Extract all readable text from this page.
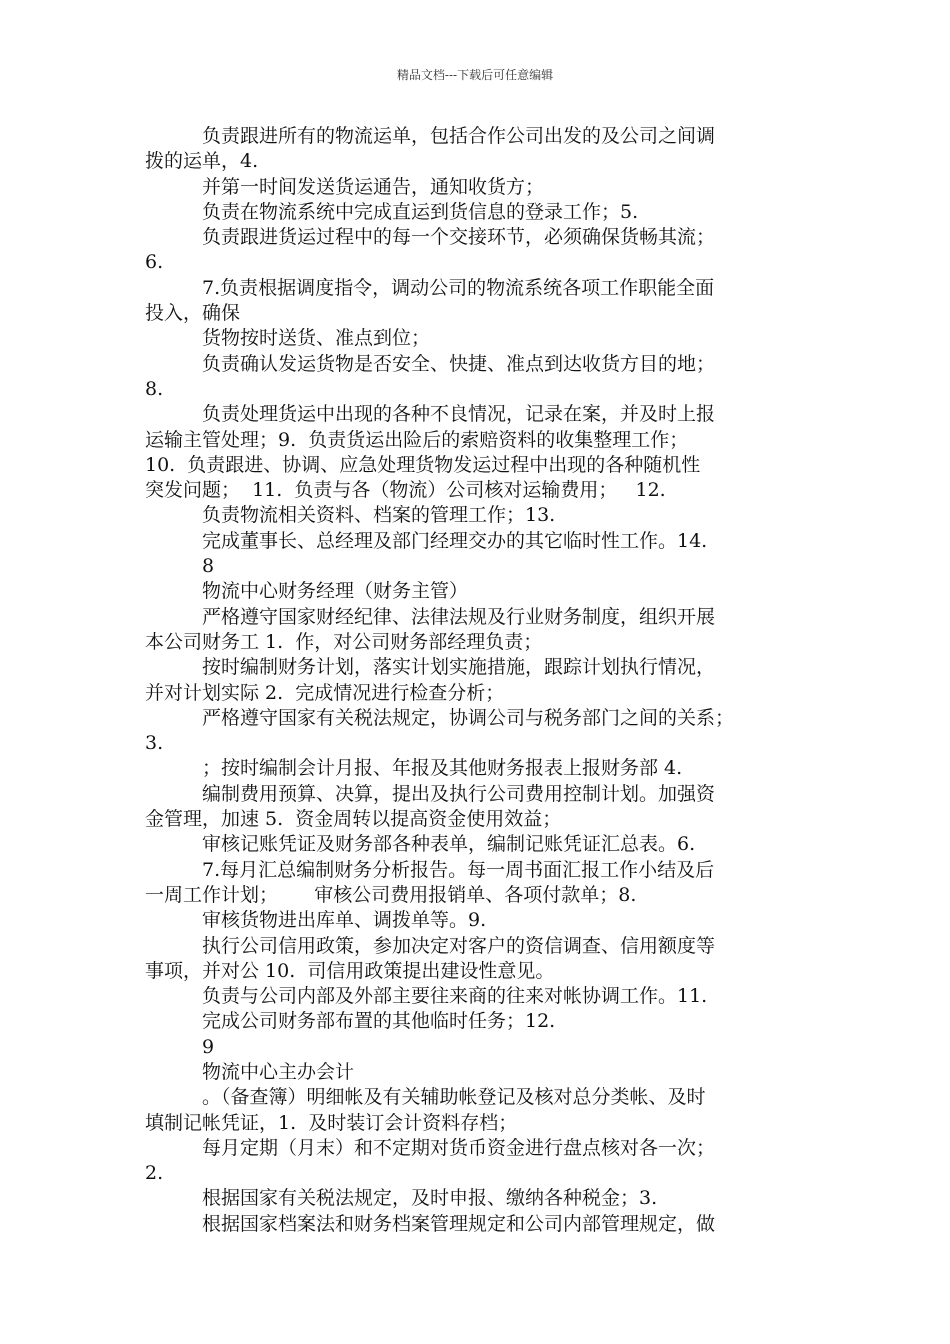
精品文档---下载后可任意编辑
负责跟进所有的物流运单，包括合作公司出发的及公司之间调
拨的运单，4.
并第一时间发送货运通告，通知收货方；
负责在物流系统中完成直运到货信息的登录工作；5.
负责跟进货运过程中的每一个交接环节，必须确保货畅其流；
6.
7.负责根据调度指令，调动公司的物流系统各项工作职能全面
投入，确保
货物按时送货、准点到位；
负责确认发运货物是否安全、快捷、准点到达收货方目的地；
8.
负责处理货运中出现的各种不良情况，记录在案，并及时上报
运输主管处理；9.  负责货运出险后的索赔资料的收集整理工作；
10.  负责跟进、协调、应急处理货物发运过程中出现的各种随机性
突发问题；  11.  负责与各（物流）公司核对运输费用；   12.
负责物流相关资料、档案的管理工作；13.
完成董事长、总经理及部门经理交办的其它临时性工作。14.
8
物流中心财务经理（财务主管）
严格遵守国家财经纪律、法律法规及行业财务制度，组织开展
本公司财务工 1.  作，对公司财务部经理负责；
按时编制财务计划，落实计划实施措施，跟踪计划执行情况，
并对计划实际 2.  完成情况进行检查分析；
严格遵守国家有关税法规定，协调公司与税务部门之间的关系；
3.
；按时编制会计月报、年报及其他财务报表上报财务部 4.
编制费用预算、决算，提出及执行公司费用控制计划。加强资
金管理，加速 5.  资金周转以提高资金使用效益；
审核记账凭证及财务部各种表单，编制记账凭证汇总表。6.
7.每月汇总编制财务分析报告。每一周书面汇报工作小结及后
一周工作计划；      审核公司费用报销单、各项付款单；8.
审核货物进出库单、调拨单等。9.
执行公司信用政策，参加决定对客户的资信调查、信用额度等
事项，并对公 10.  司信用政策提出建设性意见。
负责与公司内部及外部主要往来商的往来对帐协调工作。11.
完成公司财务部布置的其他临时任务；12.
9
物流中心主办会计
。（备查簿）明细帐及有关辅助帐登记及核对总分类帐、及时
填制记帐凭证，1.  及时装订会计资料存档；
每月定期（月末）和不定期对货币资金进行盘点核对各一次；
2.
根据国家有关税法规定，及时申报、缴纳各种税金；3.
根据国家档案法和财务档案管理规定和公司内部管理规定，做
